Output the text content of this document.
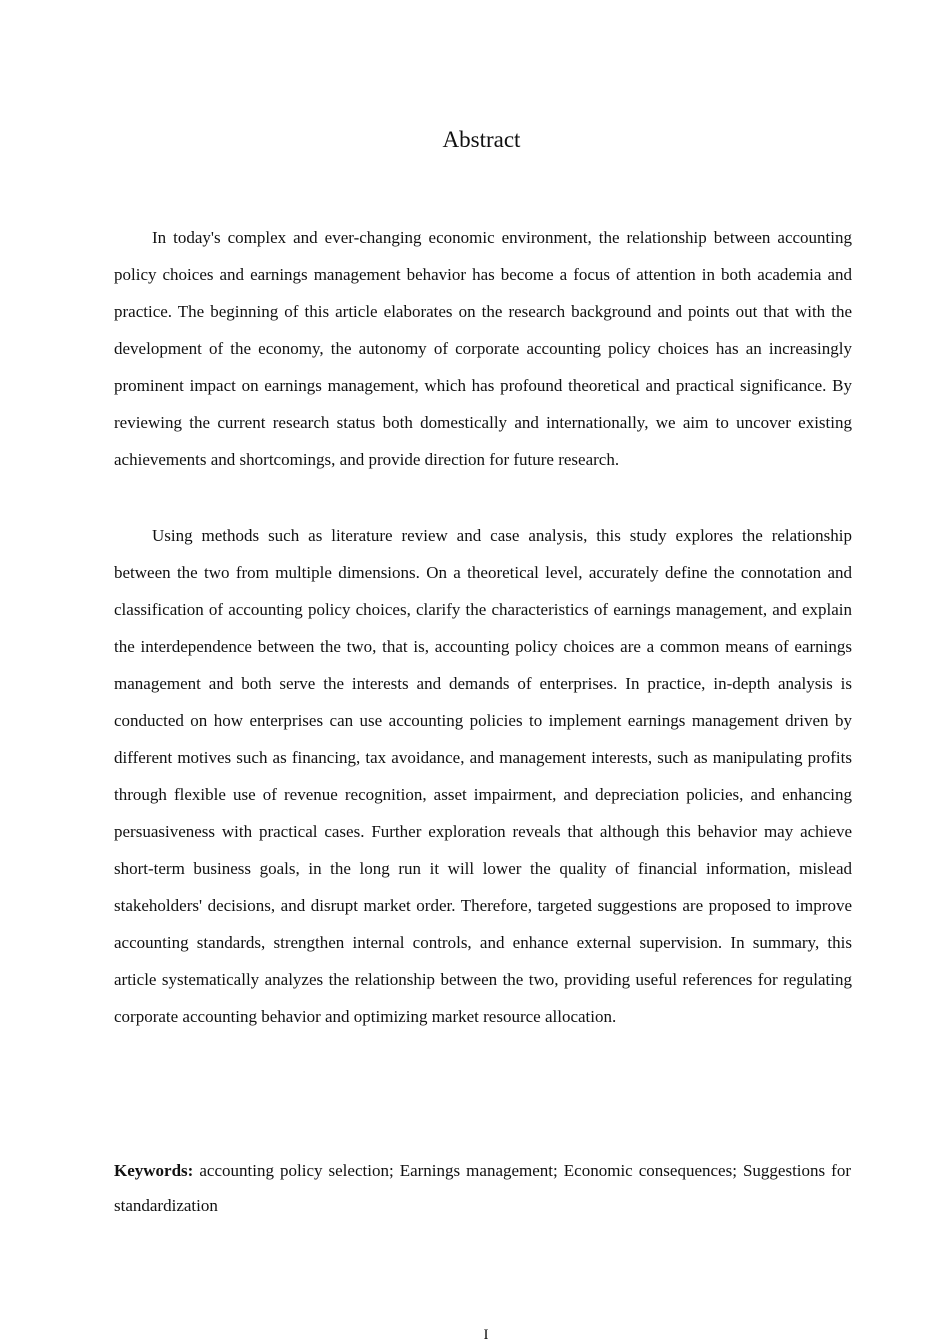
Abstract

In today's complex and ever-changing economic environment, the relationship between accounting policy choices and earnings management behavior has become a focus of attention in both academia and practice. The beginning of this article elaborates on the research background and points out that with the development of the economy, the autonomy of corporate accounting policy choices has an increasingly prominent impact on earnings management, which has profound theoretical and practical significance. By reviewing the current research status both domestically and internationally, we aim to uncover existing achievements and shortcomings, and provide direction for future research.

Using methods such as literature review and case analysis, this study explores the relationship between the two from multiple dimensions. On a theoretical level, accurately define the connotation and classification of accounting policy choices, clarify the characteristics of earnings management, and explain the interdependence between the two, that is, accounting policy choices are a common means of earnings management and both serve the interests and demands of enterprises. In practice, in-depth analysis is conducted on how enterprises can use accounting policies to implement earnings management driven by different motives such as financing, tax avoidance, and management interests, such as manipulating profits through flexible use of revenue recognition, asset impairment, and depreciation policies, and enhancing persuasiveness with practical cases. Further exploration reveals that although this behavior may achieve short-term business goals, in the long run it will lower the quality of financial information, mislead stakeholders' decisions, and disrupt market order. Therefore, targeted suggestions are proposed to improve accounting standards, strengthen internal controls, and enhance external supervision. In summary, this article systematically analyzes the relationship between the two, providing useful references for regulating corporate accounting behavior and optimizing market resource allocation.

Keywords: accounting policy selection; Earnings management; Economic consequences; Suggestions for standardization

I
